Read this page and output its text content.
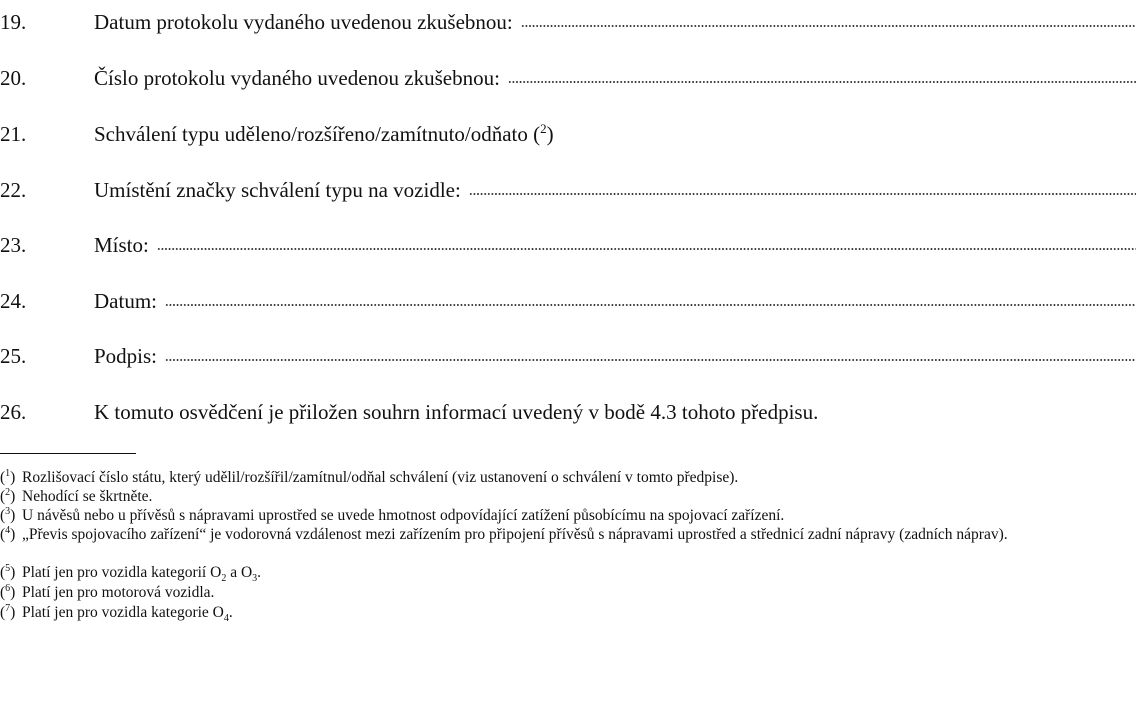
19.	Datum protokolu vydaného uvedenou zkušebnou:
20.	Číslo protokolu vydaného uvedenou zkušebnou:
21.	Schválení typu uděleno/rozšířeno/zamítnuto/odňato ($^2$)
22.	Umístění značky schválení typu na vozidle:
23.	Místo:
24.	Datum:
25.	Podpis:
26.	K tomuto osvědčení je přiložen souhrn informací uvedený v bodě 4.3 tohoto předpisu.
($^1$) Rozlišovací číslo státu, který udělil/rozšířil/zamítnul/odňal schválení (viz ustanovení o schválení v tomto předpise).
($^2$) Nehodící se škrtněte.
($^3$) U návěsů nebo u přívěsů s nápravami uprostřed se uvede hmotnost odpovídající zatížení působícímu na spojovací zařízení.
($^4$) „Převis spojovacího zařízení“ je vodorovná vzdálenost mezi zařízením pro připojení přívěsů s nápravami uprostřed a střednicí zadní nápravy (zadních náprav).
($^5$) Platí jen pro vozidla kategorií $O_2$ a $O_3$.
($^6$) Platí jen pro motorová vozidla.
($^7$) Platí jen pro vozidla kategorie $O_4$.
